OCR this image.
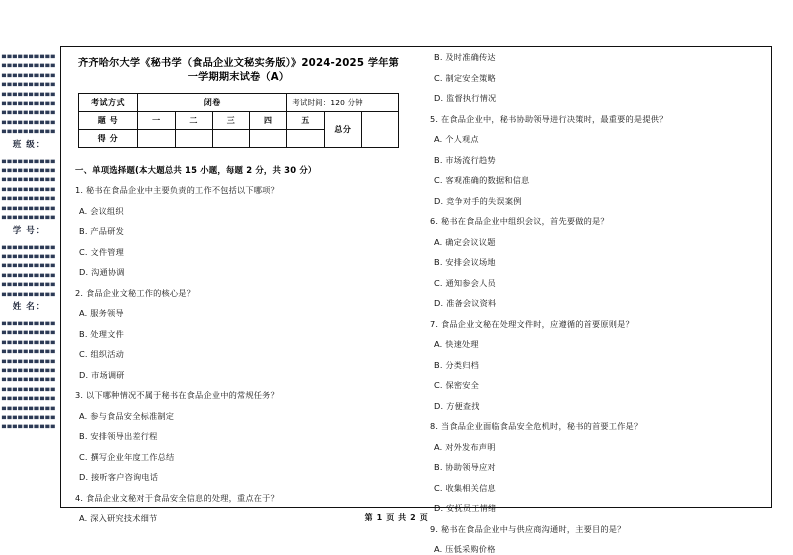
■■■■■■■■■■
■■■■■■■■■■
■■■■■■■■■■
■■■■■■■■■■
■■■■■■■■■■
■■■■■■■■■■
■■■■■■■■■■
■■■■■■■■■■
■■■■■■■■■■
班 级：
■■■■■■■■■■
■■■■■■■■■■
■■■■■■■■■■
■■■■■■■■■■
■■■■■■■■■■
■■■■■■■■■■
■■■■■■■■■■
学 号：
■■■■■■■■■■
■■■■■■■■■■
■■■■■■■■■■
■■■■■■■■■■
■■■■■■■■■■
■■■■■■■■■■
姓 名：
■■■■■■■■■■
■■■■■■■■■■
■■■■■■■■■■
■■■■■■■■■■
■■■■■■■■■■
■■■■■■■■■■
■■■■■■■■■■
■■■■■■■■■■
■■■■■■■■■■
■■■■■■■■■■
■■■■■■■■■■
■■■■■■■■■■
齐齐哈尔大学《秘书学（食品企业文秘实务版）》2024-2025 学年第一学期期末试卷（A）
考试方式	闭卷				考试时间：120 分钟		
题 号	一	二	三	四	五	总分	
得 分							
一、单项选择题(本大题总共 15 小题，每题 2 分，共 30 分）
1. 秘书在食品企业中主要负责的工作不包括以下哪项？
A. 会议组织
B. 产品研发
C. 文件管理
D. 沟通协调
2. 食品企业文秘工作的核心是？
A. 服务领导
B. 处理文件
C. 组织活动
D. 市场调研
3. 以下哪种情况不属于秘书在食品企业中的常规任务？
A. 参与食品安全标准制定
B. 安排领导出差行程
C. 撰写企业年度工作总结
D. 接听客户咨询电话
4. 食品企业文秘对于食品安全信息的处理，重点在于？
A. 深入研究技术细节
B. 及时准确传达
C. 制定安全策略
D. 监督执行情况
5. 在食品企业中，秘书协助领导进行决策时，最重要的是提供？
A. 个人观点
B. 市场流行趋势
C. 客观准确的数据和信息
D. 竞争对手的失误案例
6. 秘书在食品企业中组织会议，首先要做的是？
A. 确定会议议题
B. 安排会议场地
C. 通知参会人员
D. 准备会议资料
7. 食品企业文秘在处理文件时，应遵循的首要原则是？
A. 快速处理
B. 分类归档
C. 保密安全
D. 方便查找
8. 当食品企业面临食品安全危机时，秘书的首要工作是？
A. 对外发布声明
B. 协助领导应对
C. 收集相关信息
D. 安抚员工情绪
9. 秘书在食品企业中与供应商沟通时，主要目的是？
A. 压低采购价格
第 1 页 共 2 页
